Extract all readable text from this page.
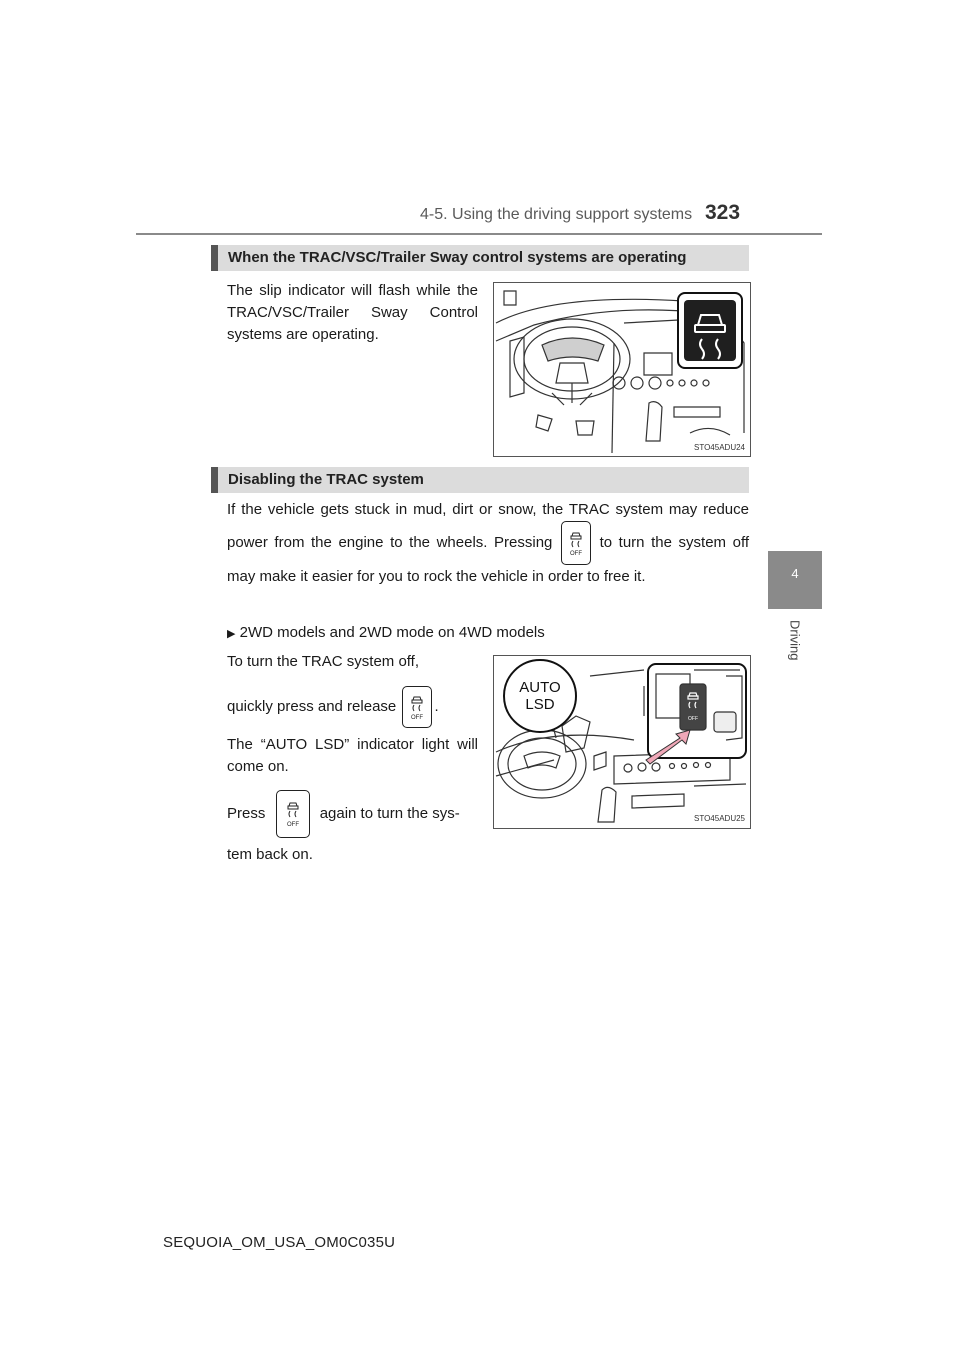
4-5. Using the driving support systems 323
4
Driving
When the TRAC/VSC/Trailer Sway control systems are operating
The slip indicator will flash while the TRAC/VSC/Trailer Sway Control systems are operating.
STO45ADU24
Disabling the TRAC system
If the vehicle gets stuck in mud, dirt or snow, the TRAC system may reduce power from the engine to the wheels. Pressing
OFF
to turn the system off may make it easier for you to rock the vehicle in order to free it.
▶ 2WD models and 2WD mode on 4WD models
To turn the TRAC system off,
quickly press and release
OFF
.
The “AUTO LSD” indicator light will come on.
Press
OFF
again to turn the sys-
tem back on.
OFF
AUTO
LSD
STO45ADU25
SEQUOIA_OM_USA_OM0C035U
